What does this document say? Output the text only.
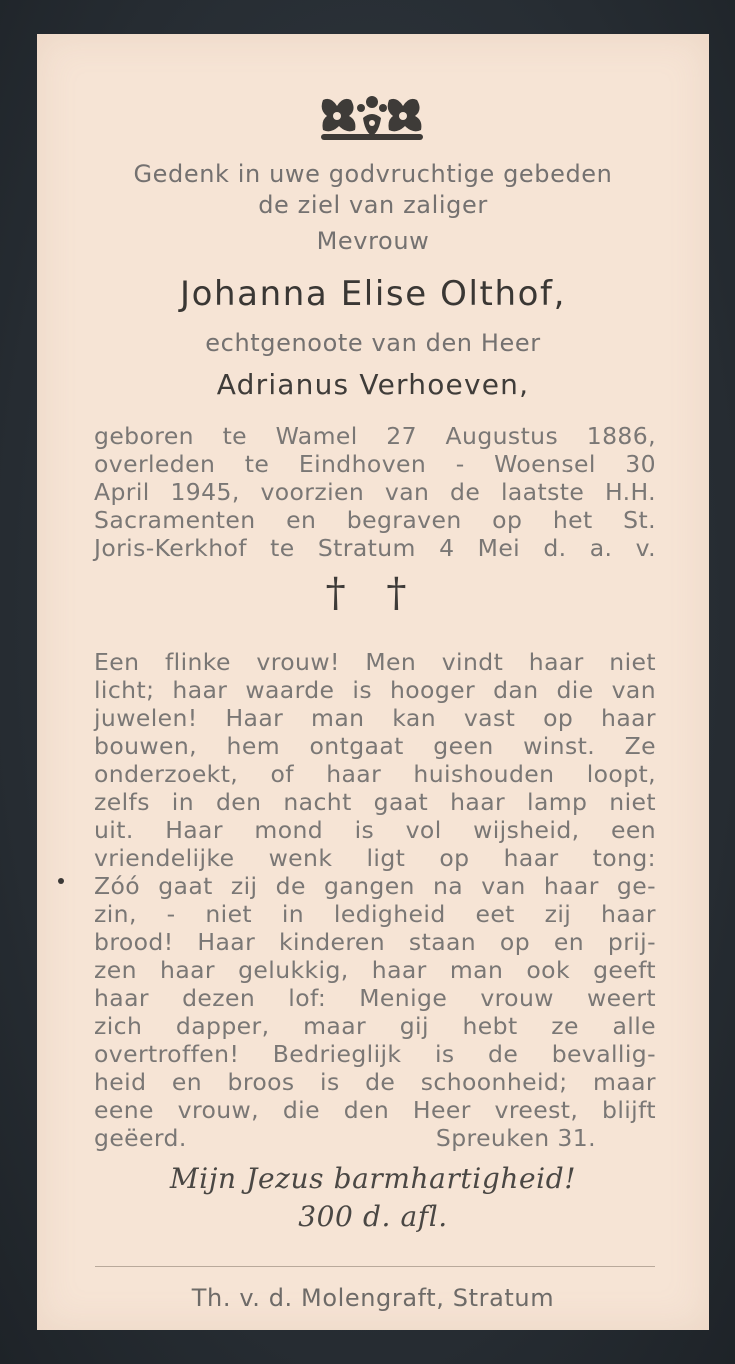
Gedenk in uwe godvruchtige gebeden
de ziel van zaliger
Mevrouw
Johanna Elise Olthof,
echtgenoote van den Heer
Adrianus Verhoeven,
geboren te Wamel 27 Augustus 1886,
overleden te Eindhoven - Woensel 30
April 1945, voorzien van de laatste H.H.
Sacramenten en begraven op het St.
Joris-Kerkhof te Stratum 4 Mei d. a. v.
† †
Een flinke vrouw! Men vindt haar niet
licht; haar waarde is hooger dan die van
juwelen! Haar man kan vast op haar
bouwen, hem ontgaat geen winst. Ze
onderzoekt, of haar huishouden loopt,
zelfs in den nacht gaat haar lamp niet
uit. Haar mond is vol wijsheid, een
vriendelijke wenk ligt op haar tong:
Zóó gaat zij de gangen na van haar ge-
zin, - niet in ledigheid eet zij haar
brood! Haar kinderen staan op en prij-
zen haar gelukkig, haar man ook geeft
haar dezen lof: Menige vrouw weert
zich dapper, maar gij hebt ze alle
overtroffen! Bedrieglijk is de bevallig-
heid en broos is de schoonheid; maar
eene vrouw, die den Heer vreest, blijft
geëerd.	Spreuken 31.
Mijn Jezus barmhartigheid!
300 d. afl.
Th. v. d. Molengraft, Stratum
